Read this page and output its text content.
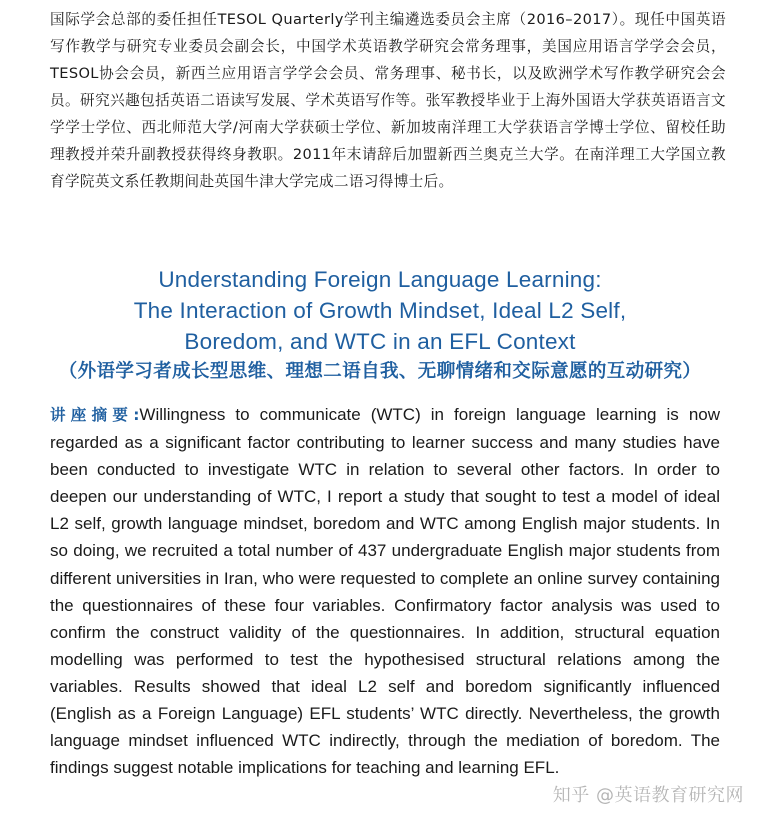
国际学会总部的委任担任TESOL Quarterly学刊主编遴选委员会主席（2016–2017）。现任中国英语写作教学与研究专业委员会副会长，中国学术英语教学研究会常务理事，美国应用语言学学会会员，TESOL协会会员，新西兰应用语言学学会会员、常务理事、秘书长，以及欧洲学术写作教学研究会会员。研究兴趣包括英语二语读写发展、学术英语写作等。张军教授毕业于上海外国语大学获英语语言文学学士学位、西北师范大学/河南大学获硕士学位、新加坡南洋理工大学获语言学博士学位、留校任助理教授并荣升副教授获得终身教职。2011年末请辞后加盟新西兰奥克兰大学。在南洋理工大学国立教育学院英文系任教期间赴英国牛津大学完成二语习得博士后。

Understanding Foreign Language Learning:

The Interaction of Growth Mindset, Ideal L2 Self,

Boredom, and WTC in an EFL Context

（外语学习者成长型思维、理想二语自我、无聊情绪和交际意愿的互动研究）

讲座摘要:Willingness to communicate (WTC) in foreign language learning is now regarded as a significant factor contributing to learner success and many studies have been conducted to investigate WTC in relation to several other factors. In order to deepen our understanding of WTC, I report a study that sought to test a model of ideal L2 self, growth language mindset, boredom and WTC among English major students. In so doing, we recruited a total number of 437 undergraduate English major students from different universities in Iran, who were requested to complete an online survey containing the questionnaires of these four variables. Confirmatory factor analysis was used to confirm the construct validity of the questionnaires. In addition, structural equation modelling was performed to test the hypothesised structural relations among the variables. Results showed that ideal L2 self and boredom significantly influenced (English as a Foreign Language) EFL students’ WTC directly. Nevertheless, the growth language mindset influenced WTC indirectly, through the mediation of boredom. The findings suggest notable implications for teaching and learning EFL.

知乎 @英语教育研究网
